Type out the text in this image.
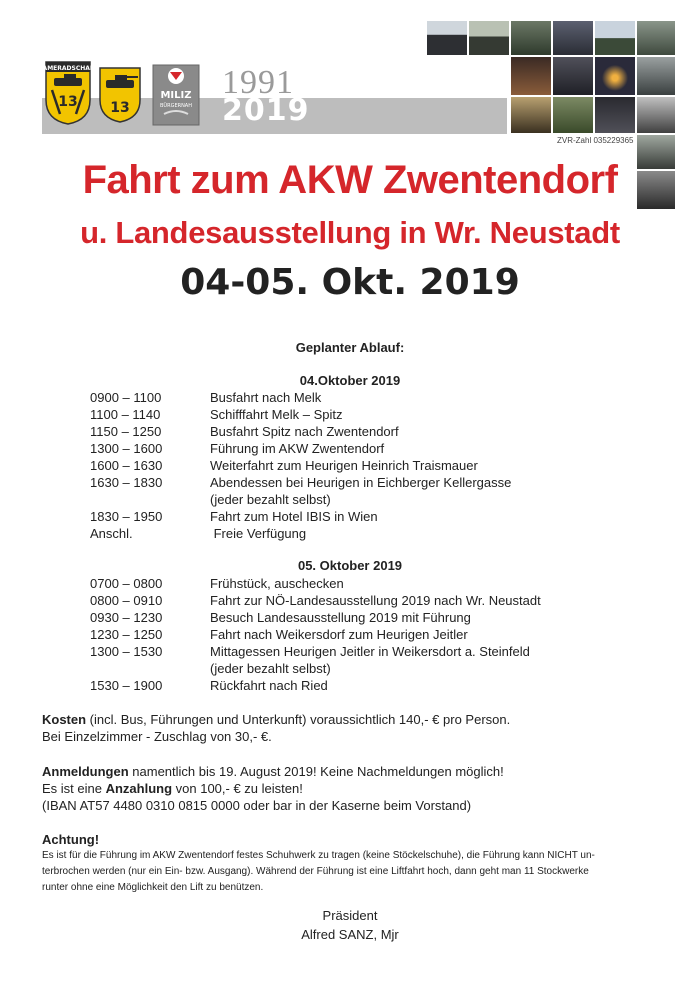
KAMERADSCHAFT
13 13
MILIZ
BÜRGERNAH
1991
2019
ZVR-Zahl 035229365
Fahrt zum AKW Zwentendorf
u. Landesausstellung in Wr. Neustadt
04-05. Okt. 2019
Geplanter Ablauf:
04.Oktober 2019
0900 – 1100	Busfahrt nach Melk
1100 – 1140	Schifffahrt Melk – Spitz
1150 – 1250	Busfahrt Spitz nach Zwentendorf
1300 – 1600	Führung im AKW Zwentendorf
1600 – 1630	Weiterfahrt zum Heurigen Heinrich Traismauer
1630 – 1830	Abendessen bei Heurigen in Eichberger Kellergasse
(jeder bezahlt selbst)
1830 – 1950	Fahrt zum Hotel IBIS in Wien
Anschl.	Freie Verfügung
05. Oktober 2019
0700 – 0800	Frühstück, auschecken
0800 – 0910	Fahrt zur NÖ-Landesausstellung 2019 nach Wr. Neustadt
0930 – 1230	Besuch Landesausstellung 2019 mit Führung
1230 – 1250	Fahrt nach Weikersdorf zum Heurigen Jeitler
1300 – 1530	Mittagessen Heurigen Jeitler in Weikersdort a. Steinfeld
(jeder bezahlt selbst)
1530 – 1900	Rückfahrt nach Ried
Kosten (incl. Bus, Führungen und Unterkunft) voraussichtlich 140,- € pro Person.
Bei Einzelzimmer - Zuschlag von 30,- €.
Anmeldungen namentlich bis 19. August 2019! Keine Nachmeldungen möglich!
Es ist eine Anzahlung von 100,- € zu leisten!
(IBAN AT57 4480 0310 0815 0000 oder bar in der Kaserne beim Vorstand)
Achtung!
Es ist für die Führung im AKW Zwentendorf festes Schuhwerk zu tragen (keine Stöckelschuhe), die Führung kann NICHT un-
terbrochen werden (nur ein Ein- bzw. Ausgang). Während der Führung ist eine Liftfahrt hoch, dann geht man 11 Stockwerke
runter ohne eine Möglichkeit den Lift zu benützen.
Präsident
Alfred SANZ, Mjr
